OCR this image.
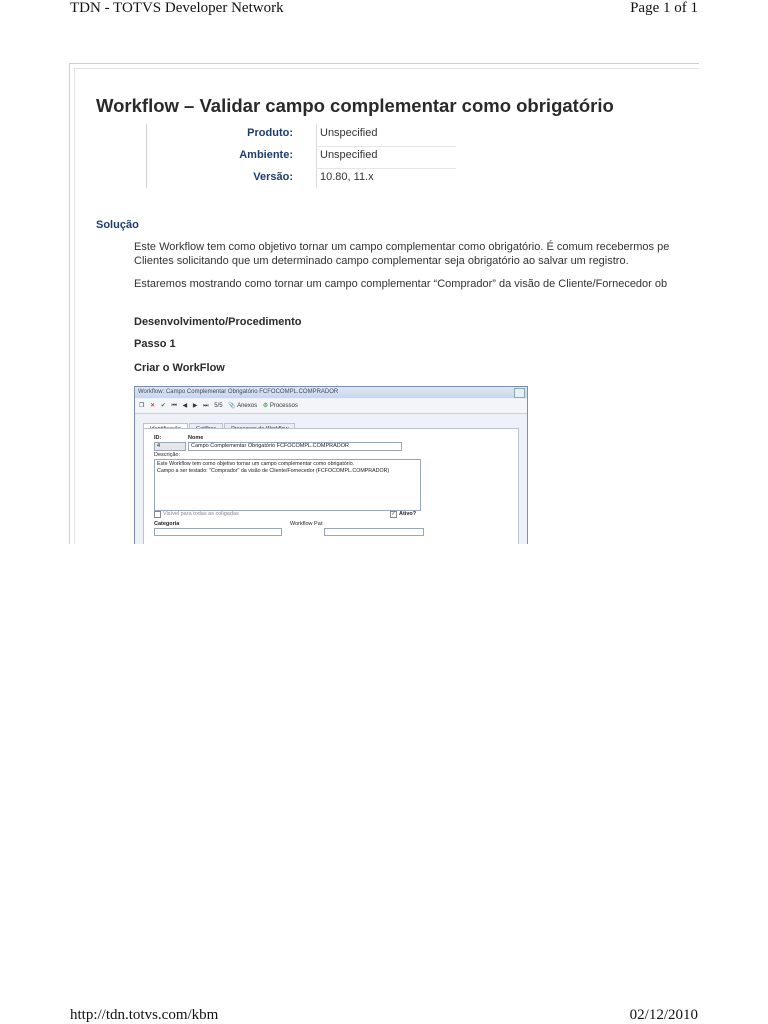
TDN - TOTVS Developer Network	Page 1 of 1
Workflow – Validar campo complementar como obrigatório
Produto: Unspecified
Ambiente: Unspecified
Versão: 10.80, 11.x
Solução
Este Workflow tem como objetivo tornar um campo complementar como obrigatório. É comum recebermos pe
Clientes solicitando que um determinado campo complementar seja obrigatório ao salvar um registro.
Estaremos mostrando como tornar um campo complementar “Comprador” da visão de Cliente/Fornecedor ob
Desenvolvimento/Procedimento
Passo 1
Criar o WorkFlow
Workflow: Campo Complementar Obrigatório FCFOCOMPL.COMPRADOR
❐ ✕ ✔ ⏮ ◀ ▶ ⏭ 5/5 📎 Anexos ⚙ Processos
ID:	Nome
4	Campo Complementar Obrigatório FCFOCOMPL.COMPRADOR
Descrição:
Este Workflow tem como objetivo tornar um campo complementar como obrigatório.
Campo a ser testado: "Comprador" da visão de Cliente/Fornecedor (FCFOCOMPL.COMPRADOR)
Visível para todas as coligadas	✓ Ativo?
Categoria	Workflow Pai:
http://tdn.totvs.com/kbm	02/12/2010
